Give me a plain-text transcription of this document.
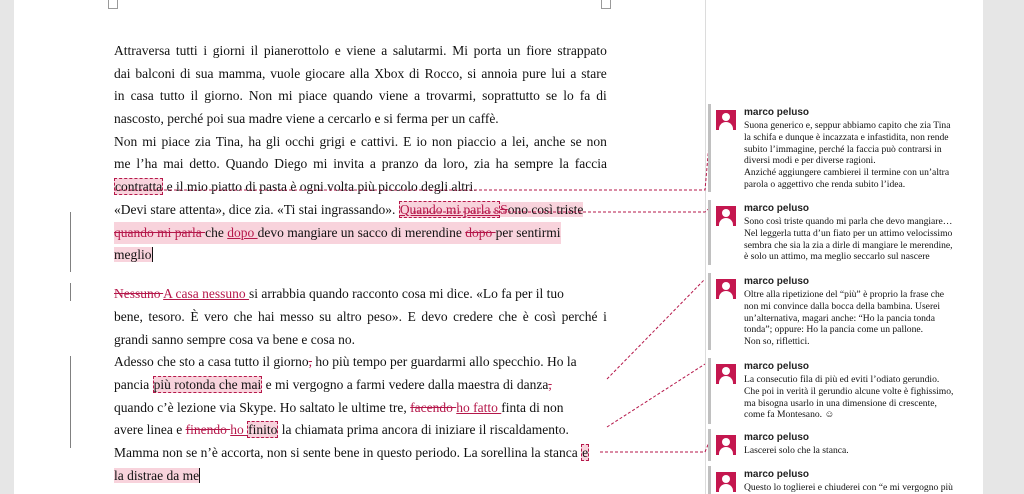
Attraversa tutti i giorni il pianerottolo e viene a salutarmi. Mi porta un fiore strappato
dai balconi di sua mamma, vuole giocare alla Xbox di Rocco, si annoia pure lui a stare
in casa tutto il giorno. Non mi piace quando viene a trovarmi, soprattutto se lo fa di
nascosto, perché poi sua madre viene a cercarlo e si ferma per un caffè.
Non mi piace zia Tina, ha gli occhi grigi e cattivi. E io non piaccio a lei, anche se non
me l’ha mai detto. Quando Diego mi invita a pranzo da loro, zia ha sempre la faccia
contratta e il mio piatto di pasta è ogni volta più piccolo degli altri.
«Devi stare attenta», dice zia. «Ti stai ingrassando». Quando mi parla sSono così triste
quando mi parla che dopo devo mangiare un sacco di merendine dopo per sentirmi
meglio
Nessuno A casa nessuno si arrabbia quando racconto cosa mi dice. «Lo fa per il tuo
bene, tesoro. È vero che hai messo su altro peso». E devo credere che è così perché i
grandi sanno sempre cosa va bene e cosa no.
Adesso che sto a casa tutto il giorno, ho più tempo per guardarmi allo specchio. Ho la
pancia più rotonda che mai e mi vergogno a farmi vedere dalla maestra di danza,
quando c’è lezione via Skype. Ho saltato le ultime tre, facendo ho fatto finta di non
avere linea e finendo ho finito la chiamata prima ancora di iniziare il riscaldamento.
Mamma non se n’è accorta, non si sente bene in questo periodo. La sorellina la stanca e
la distrae da me
marco peluso
Suona generico e, seppur abbiamo capito che zia Tina
la schifa e dunque è incazzata e infastidita, non rende
subito l’immagine, perché la faccia può contrarsi in
diversi modi e per diverse ragioni.
Anziché aggiungere cambierei il termine con un’altra
parola o aggettivo che renda subito l’idea.
marco peluso
Sono così triste quando mi parla che devo mangiare…
Nel leggerla tutta d’un fiato per un attimo velocissimo
sembra che sia la zia a dirle di mangiare le merendine,
è solo un attimo, ma meglio seccarlo sul nascere
marco peluso
Oltre alla ripetizione del “più” è proprio la frase che
non mi convince dalla bocca della bambina. Userei
un’alternativa, magari anche: “Ho la pancia tonda
tonda”; oppure: Ho la pancia come un pallone.
Non so, riflettici.
marco peluso
La consecutio fila di più ed eviti l’odiato gerundio.
Che poi in verità il gerundio alcune volte è fighissimo,
ma bisogna usarlo in una dimensione di crescente,
come fa Montesano. ☺
marco peluso
Lascerei solo che la stanca.
marco peluso
Questo lo toglierei e chiuderei con “e mi vergogno più
